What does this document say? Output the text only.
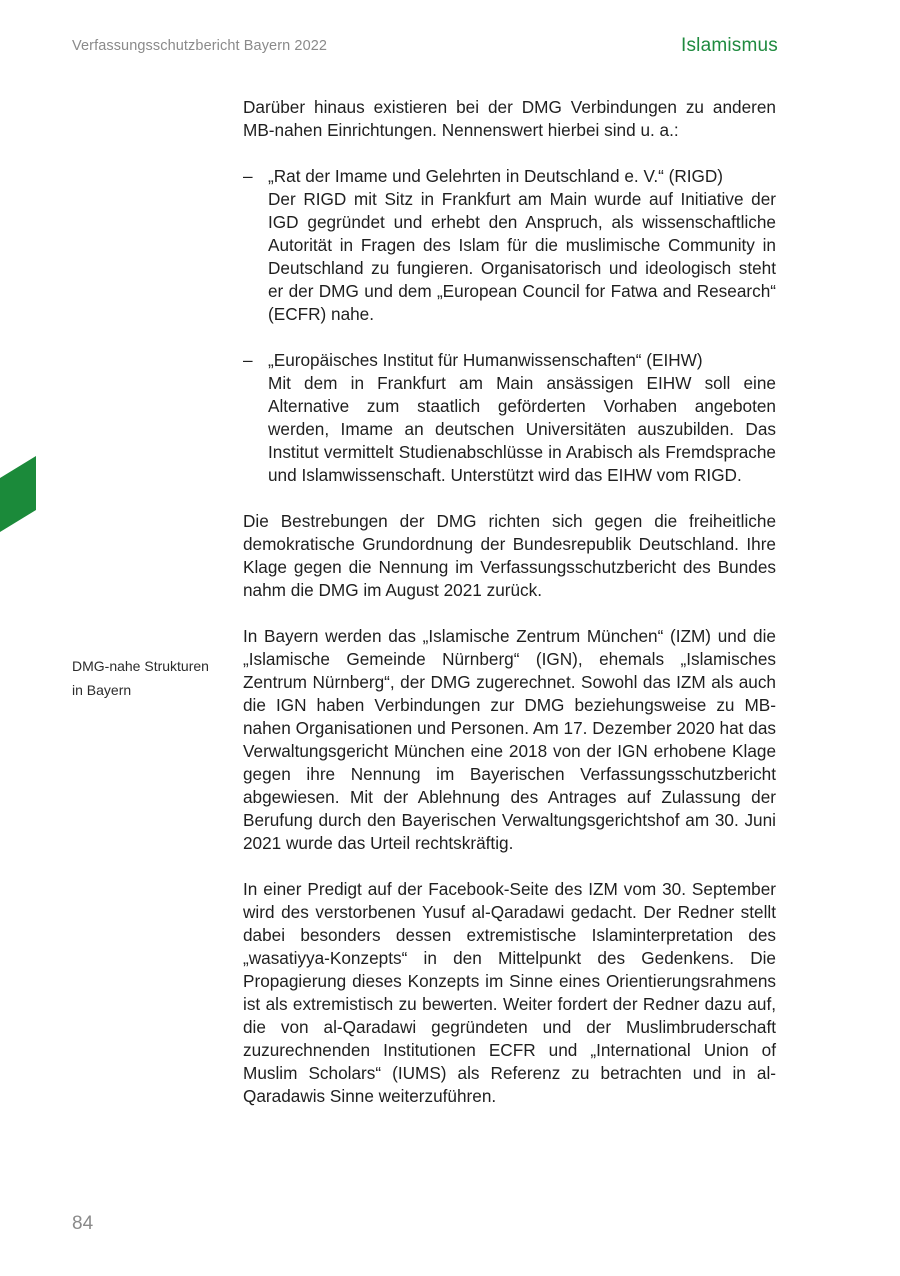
Verfassungsschutzbericht Bayern 2022	Islamismus
DMG-nahe Strukturen in Bayern

Darüber hinaus existieren bei der DMG Verbindungen zu anderen MB-nahen Einrichtungen. Nennenswert hierbei sind u. a.:

– „Rat der Imame und Gelehrten in Deutschland e. V.“ (RIGD)
Der RIGD mit Sitz in Frankfurt am Main wurde auf Initiative der IGD gegründet und erhebt den Anspruch, als wissenschaftliche Autorität in Fragen des Islam für die muslimische Community in Deutschland zu fungieren. Organisatorisch und ideologisch steht er der DMG und dem „European Council for Fatwa and Research“ (ECFR) nahe.
– „Europäisches Institut für Humanwissenschaften“ (EIHW)
Mit dem in Frankfurt am Main ansässigen EIHW soll eine Alternative zum staatlich geförderten Vorhaben angeboten werden, Imame an deutschen Universitäten auszubilden. Das Institut vermittelt Studienabschlüsse in Arabisch als Fremdsprache und Islamwissenschaft. Unterstützt wird das EIHW vom RIGD.

Die Bestrebungen der DMG richten sich gegen die freiheitliche demokratische Grundordnung der Bundesrepublik Deutschland. Ihre Klage gegen die Nennung im Verfassungsschutzbericht des Bundes nahm die DMG im August 2021 zurück.

In Bayern werden das „Islamische Zentrum München“ (IZM) und die „Islamische Gemeinde Nürnberg“ (IGN), ehemals „Islamisches Zentrum Nürnberg“, der DMG zugerechnet. Sowohl das IZM als auch die IGN haben Verbindungen zur DMG beziehungsweise zu MB-nahen Organisationen und Personen. Am 17. Dezember 2020 hat das Verwaltungsgericht München eine 2018 von der IGN erhobene Klage gegen ihre Nennung im Bayerischen Verfassungsschutzbericht abgewiesen. Mit der Ablehnung des Antrages auf Zulassung der Berufung durch den Bayerischen Verwaltungsgerichtshof am 30. Juni 2021 wurde das Urteil rechtskräftig.

In einer Predigt auf der Facebook-Seite des IZM vom 30. September wird des verstorbenen Yusuf al-Qaradawi gedacht. Der Redner stellt dabei besonders dessen extremistische Islaminterpretation des „wasatiyya-Konzepts“ in den Mittelpunkt des Gedenkens. Die Propagierung dieses Konzepts im Sinne eines Orientierungsrahmens ist als extremistisch zu bewerten. Weiter fordert der Redner dazu auf, die von al-Qaradawi gegründeten und der Muslimbruderschaft zuzurechnenden Institutionen ECFR und „International Union of Muslim Scholars“ (IUMS) als Referenz zu betrachten und in al-Qaradawis Sinne weiterzuführen.

84
